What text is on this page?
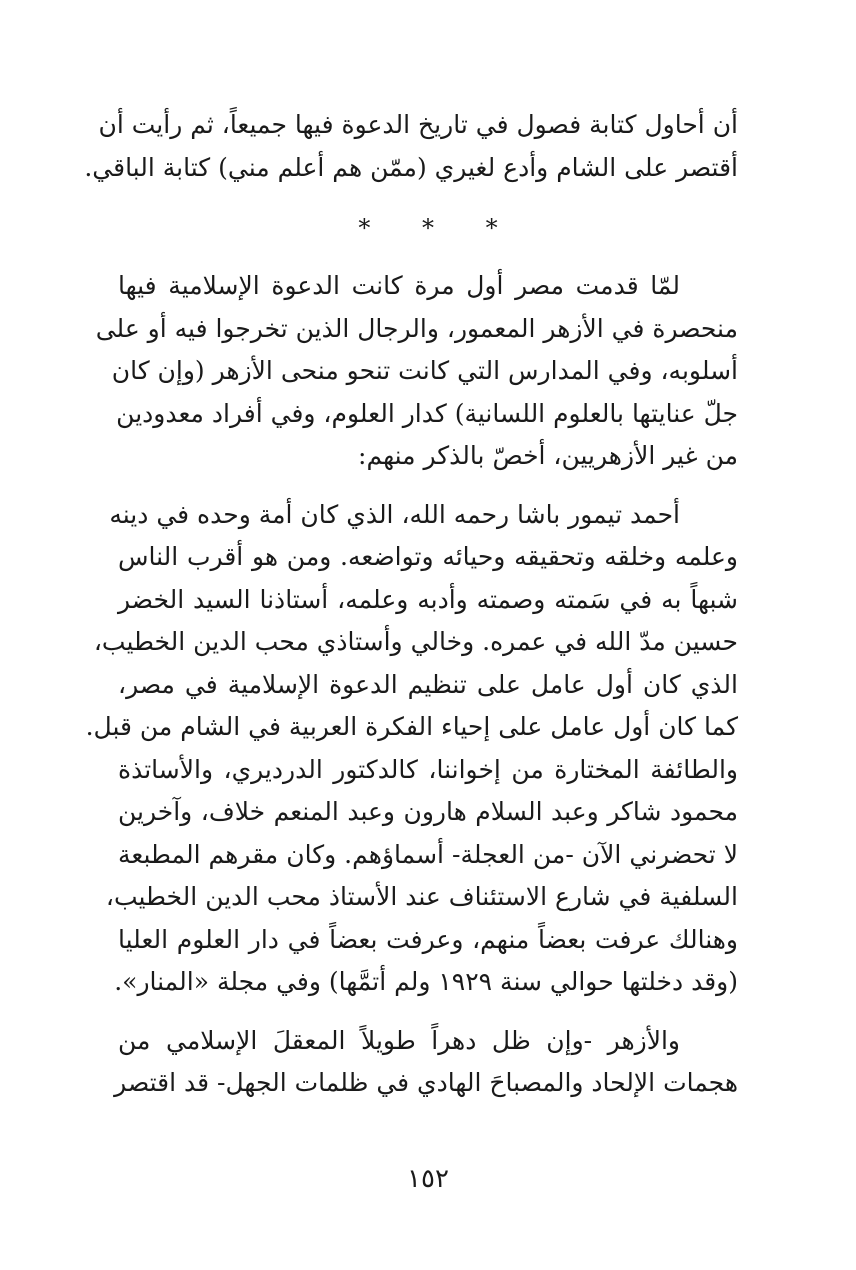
أن أحاول كتابة فصول في تاريخ الدعوة فيها جميعاً، ثم رأيت أن
أقتصر على الشام وأدع لغيري (ممّن هم أعلم مني) كتابة الباقي.
* * *
لمّا قدمت مصر أول مرة كانت الدعوة الإسلامية فيها
منحصرة في الأزهر المعمور، والرجال الذين تخرجوا فيه أو على
أسلوبه، وفي المدارس التي كانت تنحو منحى الأزهر (وإن كان
جلّ عنايتها بالعلوم اللسانية) كدار العلوم، وفي أفراد معدودين
من غير الأزهريين، أخصّ بالذكر منهم:
أحمد تيمور باشا رحمه الله، الذي كان أمة وحده في دينه
وعلمه وخلقه وتحقيقه وحيائه وتواضعه. ومن هو أقرب الناس
شبهاً به في سَمته وصمته وأدبه وعلمه، أستاذنا السيد الخضر
حسين مدّ الله في عمره. وخالي وأستاذي محب الدين الخطيب،
الذي كان أول عامل على تنظيم الدعوة الإسلامية في مصر،
كما كان أول عامل على إحياء الفكرة العربية في الشام من قبل.
والطائفة المختارة من إخواننا، كالدكتور الدرديري، والأساتذة
محمود شاكر وعبد السلام هارون وعبد المنعم خلاف، وآخرين
لا تحضرني الآن -من العجلة- أسماؤهم. وكان مقرهم المطبعة
السلفية في شارع الاستئناف عند الأستاذ محب الدين الخطيب،
وهنالك عرفت بعضاً منهم، وعرفت بعضاً في دار العلوم العليا
(وقد دخلتها حوالي سنة ١٩٢٩ ولم أتمَّها) وفي مجلة «المنار».
والأزهر -وإن ظل دهراً طويلاً المعقلَ الإسلامي من
هجمات الإلحاد والمصباحَ الهادي في ظلمات الجهل- قد اقتصر
١٥٢
